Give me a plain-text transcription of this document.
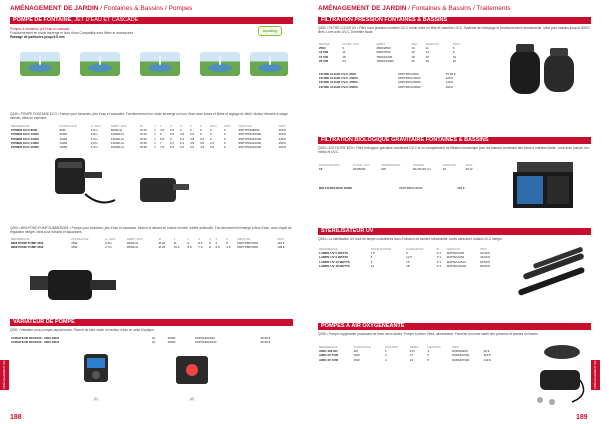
AMÉNAGEMENT DE JARDIN / Fontaines & Bassins / Pompes
POMPE DE FONTAINE, JET D'EAU ET CASCADE
Aquaking
Pompes & fontaines, jet d'eau en cascade
Fonctionnement en mode immergé et hors d'eau Compatible avec filtres et accessoires
Passage de particules jusqu'à 8 mm
Q249 • POMPE FONTAINE ECO • Pompe pour fontaines, jets d'eau et cascades. Fonctionnement en mode immergé ou hors d'eau avec buses et filtres et réglage du débit. Moteur étanche à usage intensif, idéal en extérieur.
RÉFÉRENCE	PUISSANCE	H. MAX	DÉBIT MAX	Ø	1	2	3	4	5	6	ECO	UNIT	GENCOD	PRIX
POWER ECO 8000	80W	3.2m	8000L/H	Ø 25	1	4.5	3.5	2	0	0	0	0	9NPTPMH8000	109 €
POWER ECO 10000	100W	3.8m	10000L/H	Ø 32	1	6	5.5	4.5	2.5	0	0	0	9NPTPMH10000	129 €
POWER ECO 12000	120W	4.2m	12000L/H	Ø 32	1	6.5	6	5.2	3.8	0.2	0	0	9NPTPMH12000	149 €
POWER ECO 14000	140W	4.8m	14000L/H	Ø 38	1	7	6.7	6.1	4.9	3.8	2.2	0	9NPTPMH14000	169 €
POWER ECO 16000	160W	5.3m	16000L/H	Ø 38	1	7.5	6.9	6.6	5.6	4.9	3.9	0	9NPTPMH16000	199 €
Q250 • MINI POND PUMP SUBMERGEE • Pompe pour fontaines, jets d'eau et cascades. Moteur et aimant en bobine cerclée, traitée antirouille. Fonctionnement immergé à fleur d'eau, avec clapet de régulation intégré. Idéal pour bassins et aquariums.
RÉFÉRENCE	PUISSANCE	H. MAX	DÉBIT MAX	Ø	1	2	3	4	5	6	GENCOD	PRIX
MINI POND PUMP 26W	26W	2.3m	2500L/H	Ø 20	11	9	8.5	8	2	0	9NPTPMP2600	119 €
MINI POND PUMP 35W	35W	2.7m	3500L/H	Ø 20	15.2	8.8	7.5	8	6.8	3.9	9NPTPMP3500	139 €
VARIATEUR DE POMPE
Q251 • Variateur pour pompes asynchrones. Permet de faire varier la hauteur d'eau en cette d'optique.
VARIATEUR 500/1000 - 230V-50HZ	(1)	200W	9NPVARIA500	49.90 €
VARIATEUR 500/1000 - 230V-50HZ	(2)	200W	9NPVARIA1000	69.90 €
(1)	(2)
AMÉNAGEMENT DE JARDIN
188
AMÉNAGEMENT DE JARDIN / Fontaines & Bassins / Traitements
FILTRATION PRESSION FONTAINES & BASSINS
Q252 • FILTRE CLEAR UV • Filtre sous pression combiné UV-C rendu entre un filtre et chambre UV-C. Système de nettoyage et fonctionnement recommandé. Idéal pour bassins jusqu'à 30000 litres. Livré avec UV-C. Entretien facile.
BASSIN	PUISS. UVC	DÉBIT	RÉF	GENCOD	PRIX
2500	6	2500/2500	10	11	6
10 000	11	5000/7500	15	13	6
15 000	18	7500/10000	18	16	10
20 000	24	10000/15000	20	18	10
FILTRE CLEAR UV-C 2500	9NPTRPU2500	79.90 €
FILTRE CLEAR UV-C 10000	9NPTRPU10000	129 €
FILTRE CLEAR UV-C 15000	9NPTRPU15000	149 €
FILTRE CLEAR UV-C 20000	9NPTRPU20000	169 €
FILTRATION BIOLOGIQUE GRAVITAIRE FONTAINES & BASSINS
Q253 • BIO FILTRE BOX • Filtre biologique gravitaire combinant UV-C et un compartiment de filtration mécanique pour les bassins contenant des fonds à entretien facile. Livré avec pompe, bio-média et UV-C.
POUR BASSIN	PUISS. UVC	DIMENSIONS	POMPE	GENCOD	PRIX
15	20/25000	9W	60x75x45 cm	15	30 W
BIO FILTRE BOX 15000	9NPTRBIO15000	389 €
STÉRILISATEUR UV
Q254 • La stérilisation UV tubé de lampe consolidées sous Emission de lumière ultraviolette, tubes ultraviolet, ballast UV-C intégré.
RÉFÉRENCE	POUR BASSIN	PUISSANCE	Ø	GENCOD	PRIX
LAMPE UV 5 WATTS	1.5	5	1"1	9NPTRUVA5	39.90 €
LAMPE UV 9 WATTS	6	12.5	1"1	9NPTRUVA9	49.90 €
LAMPE UV 13 WATTS	9	15	1"1	9NPTRUVA13	69.90 €
LAMPE UV 18 WATTS	13	18	1"1	9NPTRUVA18	89.90 €
POMPES À AIR OXYGÉNEANTE
Q255 • Pompe oxygénante produisant de fines micro-bulles. Pompe à piston Vibra, alimentation. Favorise la bonne santé des poissons et plantes du bassin.
RÉFÉRENCE	PUISSANCE	SORTIES	DÉBIT	GENCOD	PRIX	
AIRO 400 HD	4W	1	3.6l	3	9NPAIR400	49 €
AIRO 20 7200	15W	2	17	5	9NPAIR7200	119 €
AIRO 30 7200	25W	4	19	5	9NPAIR7300	149 €
AMÉNAGEMENT DE JARDIN
189
